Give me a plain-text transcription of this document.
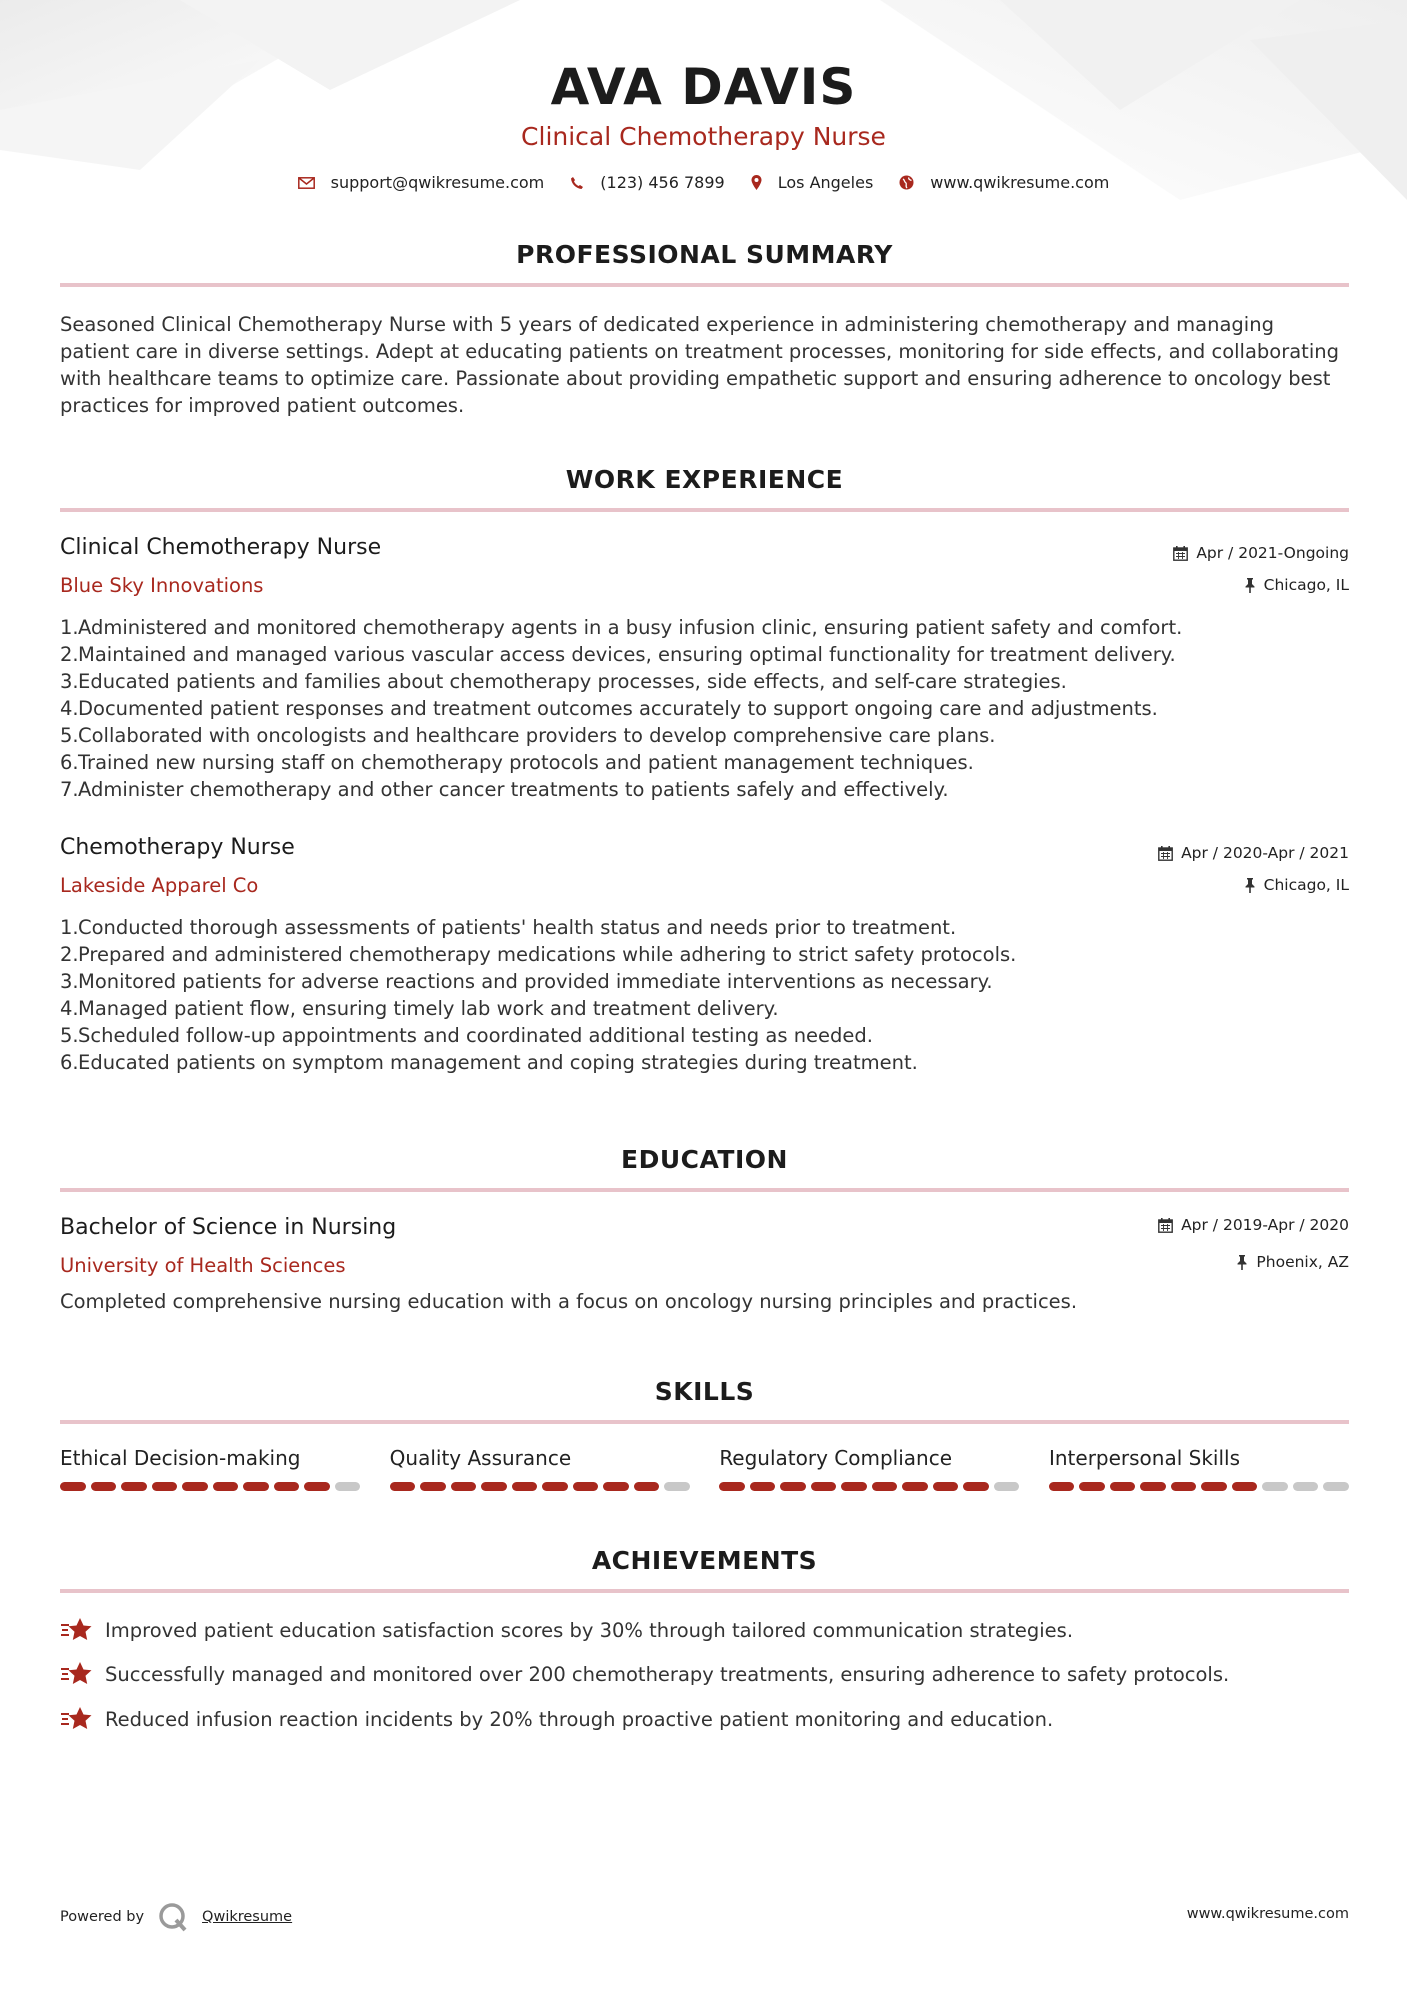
AVA DAVIS
Clinical Chemotherapy Nurse
support@qwikresume.com	(123) 456 7899	Los Angeles	www.qwikresume.com
PROFESSIONAL SUMMARY
Seasoned Clinical Chemotherapy Nurse with 5 years of dedicated experience in administering chemotherapy and managing patient care in diverse settings. Adept at educating patients on treatment processes, monitoring for side effects, and collaborating with healthcare teams to optimize care. Passionate about providing empathetic support and ensuring adherence to oncology best practices for improved patient outcomes.
WORK EXPERIENCE
Clinical Chemotherapy Nurse
Blue Sky Innovations
Apr / 2021-Ongoing
Chicago, IL
1. Administered and monitored chemotherapy agents in a busy infusion clinic, ensuring patient safety and comfort.
2. Maintained and managed various vascular access devices, ensuring optimal functionality for treatment delivery.
3. Educated patients and families about chemotherapy processes, side effects, and self-care strategies.
4. Documented patient responses and treatment outcomes accurately to support ongoing care and adjustments.
5. Collaborated with oncologists and healthcare providers to develop comprehensive care plans.
6. Trained new nursing staff on chemotherapy protocols and patient management techniques.
7. Administer chemotherapy and other cancer treatments to patients safely and effectively.
Chemotherapy Nurse
Lakeside Apparel Co
Apr / 2020-Apr / 2021
Chicago, IL
1. Conducted thorough assessments of patients' health status and needs prior to treatment.
2. Prepared and administered chemotherapy medications while adhering to strict safety protocols.
3. Monitored patients for adverse reactions and provided immediate interventions as necessary.
4. Managed patient flow, ensuring timely lab work and treatment delivery.
5. Scheduled follow-up appointments and coordinated additional testing as needed.
6. Educated patients on symptom management and coping strategies during treatment.
EDUCATION
Bachelor of Science in Nursing
University of Health Sciences
Apr / 2019-Apr / 2020
Phoenix, AZ
Completed comprehensive nursing education with a focus on oncology nursing principles and practices.
SKILLS
Ethical Decision-making	Quality Assurance	Regulatory Compliance	Interpersonal Skills
ACHIEVEMENTS
Improved patient education satisfaction scores by 30% through tailored communication strategies.
Successfully managed and monitored over 200 chemotherapy treatments, ensuring adherence to safety protocols.
Reduced infusion reaction incidents by 20% through proactive patient monitoring and education.
Powered by	Qwikresume	www.qwikresume.com
